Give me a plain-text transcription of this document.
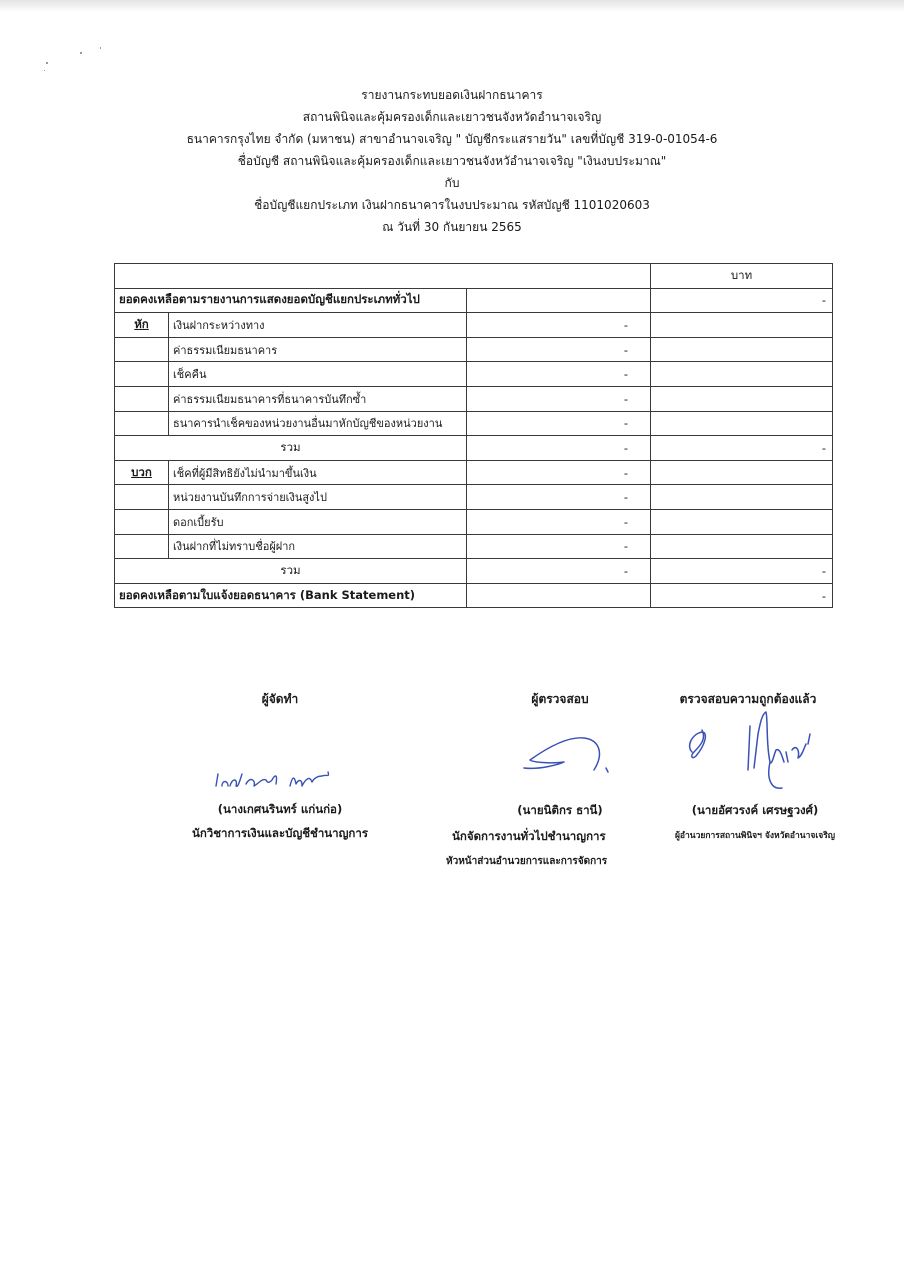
รายงานกระทบยอดเงินฝากธนาคาร
สถานพินิจและคุ้มครองเด็กและเยาวชนจังหวัดอำนาจเจริญ
ธนาคารกรุงไทย จำกัด (มหาชน) สาขาอำนาจเจริญ " บัญชีกระแสรายวัน" เลขที่บัญชี 319-0-01054-6
ชื่อบัญชี สถานพินิจและคุ้มครองเด็กและเยาวชนจังหวัอำนาจเจริญ "เงินงบประมาณ"
กับ
ชื่อบัญชีแยกประเภท เงินฝากธนาคารในงบประมาณ รหัสบัญชี 1101020603
ณ วันที่ 30 กันยายน 2565
			บาท
ยอดคงเหลือตามรายงานการแสดงยอดบัญชีแยกประเภททั่วไป			-
หัก	เงินฝากระหว่างทาง	-	
	ค่าธรรมเนียมธนาคาร	-	
	เช็คคืน	-	
	ค่าธรรมเนียมธนาคารที่ธนาคารบันทึกซ้ำ	-	
	ธนาคารนำเช็คของหน่วยงานอื่นมาหักบัญชีของหน่วยงาน	-	
รวม		-	-
บวก	เช็คที่ผู้มีสิทธิยังไม่นำมาขึ้นเงิน	-	
	หน่วยงานบันทึกการจ่ายเงินสูงไป	-	
	ดอกเบี้ยรับ	-	
	เงินฝากที่ไม่ทราบชื่อผู้ฝาก	-	
รวม		-	-
ยอดคงเหลือตามใบแจ้งยอดธนาคาร (Bank Statement)			-
ผู้จัดทำ
(นางเกศนรินทร์ แก่นก่อ)
นักวิชาการเงินและบัญชีชำนาญการ
ผู้ตรวจสอบ
(นายนิติกร ธานี)
นักจัดการงานทั่วไปชำนาญการ
หัวหน้าส่วนอำนวยการและการจัดการ
ตรวจสอบความถูกต้องแล้ว
(นายอัศวรงค์ เศรษฐวงศ์)
ผู้อำนวยการสถานพินิจฯ จังหวัดอำนาจเจริญ
